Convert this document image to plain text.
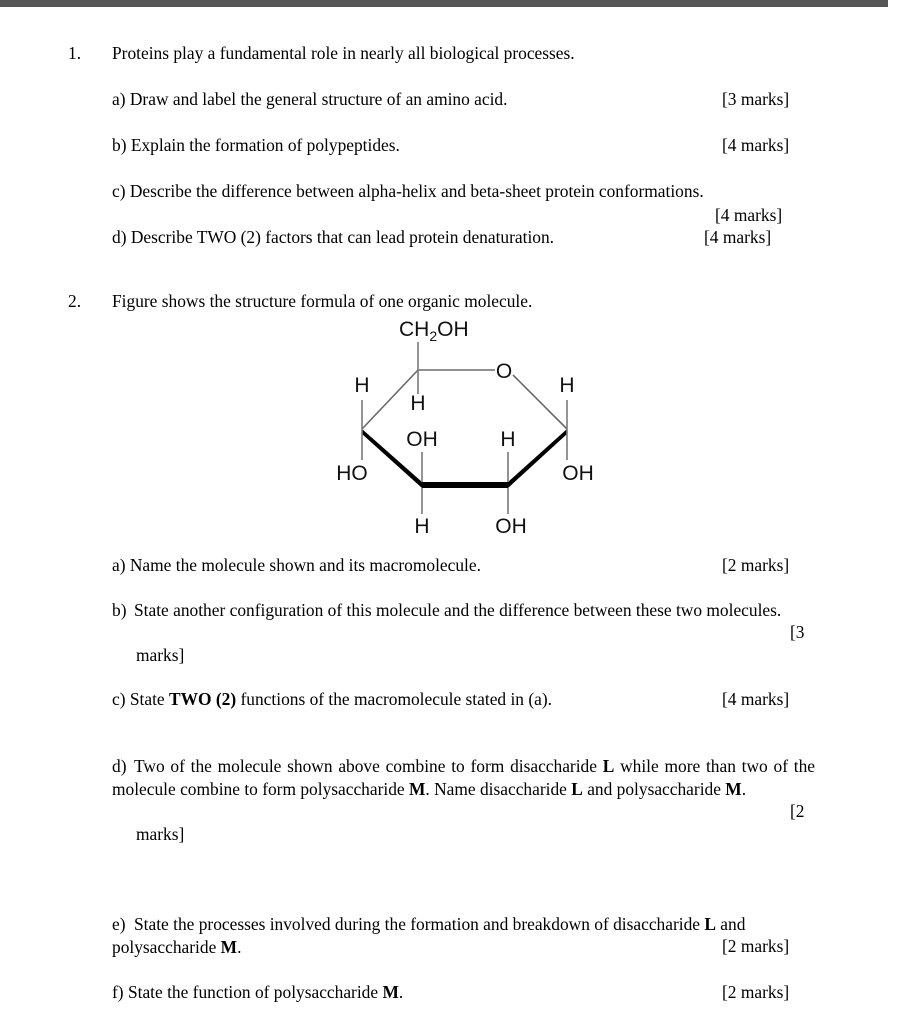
1. Proteins play a fundamental role in nearly all biological processes.
a) Draw and label the general structure of an amino acid.	[3 marks]
b) Explain the formation of polypeptides.	[4 marks]
c) Describe the difference between alpha-helix and beta-sheet protein conformations.
[4 marks]
d) Describe TWO (2) factors that can lead protein denaturation.	[4 marks]
2. Figure shows the structure formula of one organic molecule.
$CH_2OH$
O
H	H
H
OH	H
HO	OH
H	OH
a) Name the molecule shown and its macromolecule.	[2 marks]
b) State another configuration of this molecule and the difference between these two molecules.
[3
marks]
c) State TWO (2) functions of the macromolecule stated in (a).	[4 marks]
d) Two of the molecule shown above combine to form disaccharide L while more than two of the molecule combine to form polysaccharide M. Name disaccharide L and polysaccharide M.
[2
marks]
e) State the processes involved during the formation and breakdown of disaccharide L and polysaccharide M.	[2 marks]
f) State the function of polysaccharide M.	[2 marks]
